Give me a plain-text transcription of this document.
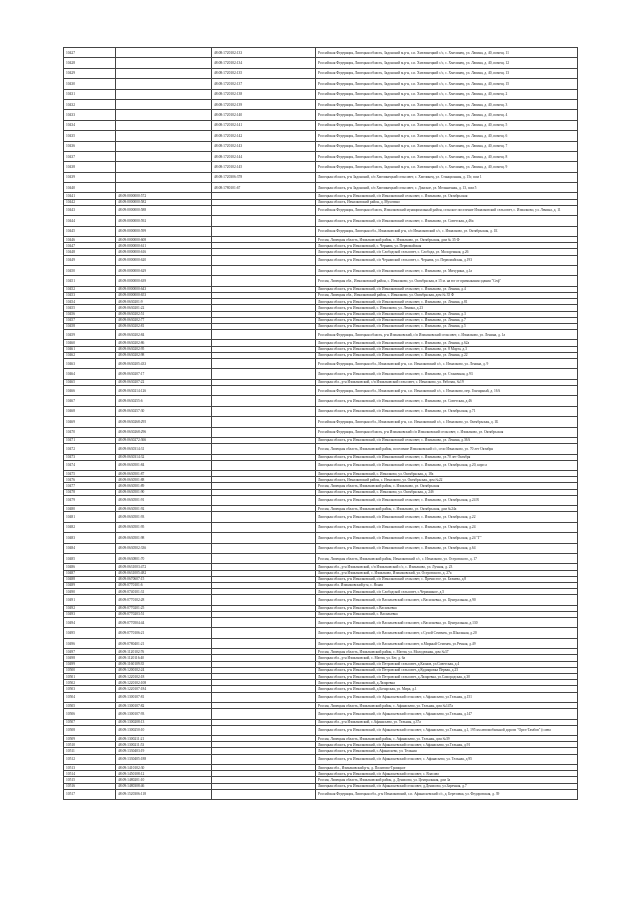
10427		48:08:1720102:133	Российская Федерация, Липецкая область, Задонский м.р-н, с.п. Хмелинецкий с/с, с. Хмелинец, ул. Лапина, д. 40, помещ. 11
10428		48:08:1720102:134	Российская Федерация, Липецкая область, Задонский м.р-н, с.п. Хмелинецкий с/с, с. Хмелинец, ул. Лапина, д. 40, помещ. 12
10429		48:08:1720102:135	Российская Федерация, Липецкая область, Задонский м.р-н, с.п. Хмелинецкий с/с, с. Хмелинец, ул. Лапина, д. 40, помещ. 13
10430		48:08:1720102:137	Российская Федерация, Липецкая область, Задонский м.р-н, с.п. Хмелинецкий с/с, с. Хмелинец, ул. Лапина, д. 40, помещ. 15
10431		48:08:1720102:138	Российская Федерация, Липецкая область, Задонский м.р-н, с.п. Хмелинецкий с/с, с. Хмелинец, ул. Лапина, д. 40, помещ. 2
10432		48:08:1720102:139	Российская Федерация, Липецкая область, Задонский м.р-н, с.п. Хмелинецкий с/с, с. Хмелинец, ул. Лапина, д. 40, помещ. 3
10433		48:08:1720102:140	Российская Федерация, Липецкая область, Задонский м.р-н, с.п. Хмелинецкий с/с, с. Хмелинец, ул. Лапина, д. 40, помещ. 4
10434		48:08:1720102:141	Российская Федерация, Липецкая область, Задонский м.р-н, с.п. Хмелинецкий с/с, с. Хмелинец, ул. Лапина, д. 40, помещ. 5
10435		48:08:1720102:142	Российская Федерация, Липецкая область, Задонский м.р-н, с.п. Хмелинецкий с/с, с. Хмелинец, ул. Лапина, д. 40, помещ. 6
10436		48:08:1720102:143	Российская Федерация, Липецкая область, Задонский м.р-н, с.п. Хмелинецкий с/с, с. Хмелинец, ул. Лапина, д. 40, помещ. 7
10437		48:08:1720102:144	Российская Федерация, Липецкая область, Задонский м.р-н, с.п. Хмелинецкий с/с, с. Хмелинец, ул. Лапина, д. 40, помещ. 8
10438		48:08:1720102:145	Российская Федерация, Липецкая область, Задонский м.р-н, с.п. Хмелинецкий с/с, с. Хмелинец, ул. Лапина, д. 40, помещ. 9
10439		48:08:1720306:378	Липецкая область, р-н Задонский, с/п Хмелинецкий сельсовет, с. Хмелинец, ул. Станционная, д. 15г, пом 1
10440		48:08:1780101:67	Липецкая область, р-н Задонский, с/п Хмелинецкий сельсовет, с. Донское, ул. Мельничная, д. 13, пом 5
10441	48:09:0000000:572		Липецкая область, р-н Измалковский, с/п Измалковский сельсовет, с. Измалково, ул. Октябрьская
10442	48:09:0000000:582		Липецкая область, Измалковский район, д. Мухотино
10443	48:09:0000000:588		Российская Федерация, Липецкая область, Измалковский муниципальный район, сельское поселение Измалковский сельсовет, с. Измалково, ул. Ленина, д. 11
10444	48:09:0000000:592		Липецкая область, р-н Измалковский, с/п Измалковский сельсовет, с. Измалково, ул. Советская, д.46а
10445	48:09:0000000:599		Российская Федерация, Липецкая обл., Измалковский р-н, с/п Измалковский с/с, с. Измалково, ул. Октябрьская, д. 1Б
10446	48:09:0000000:608		Россия, Липецкая область, Измалковский район, с. Измалково, ул. Октябрьская, дом № 35 Ф
10447	48:09:0000000:611		Липецкая область, р-н Измалковский, с. Чернава, ул. Первомайская
10448	48:09:0000000:616		Липецкая область, р-н Измалковский, с/п Слободской сельсовет, с. Слобода, ул. Молодежная, д.26
10449	48:09:0000000:620		Липецкая область, р-н Измалковский, с/п Чернавский сельсовет, с. Чернава, ул. Первомайская, д.193
10450	48:09:0000000:629		Липецкая область, р-н Измалковский, с/п Измалковский сельсовет, с. Измалково, ул. Мичурина, д.1а
10451	48:09:0000000:639		Россия, Липецкая обл., Измалковский район, с. Измалково, ул. Октябрьская, в 15 м. на юг от примыкания здания "Сеф"
10452	48:09:0000000:643		Липецкая область, р-н Измалковский, с/п Измалковский сельсовет, с. Измалково, ул. Ленина, д.4
10453	48:09:0000000:653		Россия, Липецкая обл., Измалковский район, с. Измалково, ул. Октябрьская, дом № 35 Ф
10454	48:09:0630201:9		Липецкая область, р-н Измалковский, с/п Измалковский сельсовет, с. Измалково, ул. Ленина, д.81
10455	48:09:0630201:22		Липецкая область, р-н Измалковский, с. Измалково, ул. Ленина, д.23
10456	48:09:0630202:51		Липецкая область, р-н Измалковский, с/п Измалковский сельсовет, с. Измалково, ул. Ленина, д.3
10457	48:09:0630202:77		Липецкая область, р-н Измалковский, с/п Измалковский сельсовет, с. Измалково, ул. Ленина, д.7
10458	48:09:0630202:81		Липецкая область, р-н Измалковский, с/п Измалковский сельсовет, с. Измалково, ул. Ленина, д.5
10459	48:09:0630202:84		Российская Федерация, Липецкая область, р-н Измалковский, с/п Измалковский сельсовет, с. Измалково, ул. Ленина, д. 1а
10460	48:09:0630202:86		Липецкая область, р-н Измалковский, с/п Измалковский сельсовет, с. Измалково, ул. Ленина, д.62а
10461	48:09:0630202:95		Липецкая область, р-н Измалковский, с/п Измалковский сельсовет, с. Измалково, ул. 8 Марта, д.3
10462	48:09:0630202:98		Липецкая область, р-н Измалковский, с/п Измалковский сельсовет, с. Измалково, ул. Ленина, д.22
10463	48:09:0630205:433		Российская Федерация, Липецкая обл., Измалковский р-н, с.п. Измалковский с/с, с. Измалково, ул. Ленина, д. 9
10464	48:09:0630207:17		Липецкая область, р-н Измалковский, с/п Измалковский сельсовет, с. Измалково, ул. Станичная, д.93
10465	48:09:0630207:22		Липецкая обл., р-н Измалковский, с/п Измалковский сельсовет, с. Измалково, ул. Рабочая, №19
10466	48:09:0630214:126		Российская Федерация, Липецкая обл., Измалковский р-н, с.п. Измалковский с/с, с. Измалково, пер. Гончарный, д. 16А
10467	48:09:0630255:6		Липецкая область, р-н Измалковский, с/п Измалковский сельсовет, с. Измалково, ул. Советская, д.46
10468	48:09:0630257:30		Липецкая область, р-н Измалковский, с/п Измалковский сельсовет, с. Измалково, ул. Октябрьская, д.71
10469	48:09:0630268:295		Российская Федерация, Липецкая обл., Измалковский р-н, с.п. Измалковский с/с, с. Измалково, ул. Октябрьская, д. 1Б
10470	48:09:0630268:296		Российская Федерация, Липецкая область, р-н Измалковский с/п Измалковский сельсовет, с. Измалково, ул. Октябрьская
10471	48:09:0630272:366		Липецкая область, р-н Измалковский, с/п Измалковский сельсовет, с. Измалково, ул. Ленина, д.36А
10472	48:09:0630314:31		Россия, Липецкая область, Измалковский район, поселение Измалковский с/с, село Измалково, ул. 70 лет Октября
10473	48:09:0630314:32		Липецкая область, р-н Измалковский, с/п Измалковский сельсовет, с. Измалково, ул.70 лет Октября
10474	48:09:0630501:84		Липецкая область, р-н Измалковский, с/п Измалковский сельсовет, с. Измалково, ул. Октябрьская, д.20, корп а
10475	48:09:0630501:87		Липецкая область, р-н Измалковский, с. Измалково, ул. Октябрьская, д. 18а
10476	48:09:0630501:88		Липецкая область, Измалковский район, с. Измалково, ул. Октябрьская, дом №22
10477	48:09:0630501:89		Россия, Липецкая область, Измалковский район, с. Измалково, ул. Октябрьская
10478	48:09:0630501:90		Липецкая область, р-н Измалковский, с. Измалково, ул. Октябрьская, д. 24б
10479	48:09:0630501:91		Липецкая область, р-н Измалковский, с/п Измалковский сельсовет, с. Измалково, ул. Октябрьская, д.24 В
10480	48:09:0630501:92		Россия, Липецкая область, Измалковский район, с. Измалково, ул. Октябрьская, дом №24а
10481	48:09:0630501:93		Липецкая область, р-н Измалковский, с/п Измалковский сельсовет, с. Измалково, ул. Октябрьская, д.22
10482	48:09:0630501:95		Липецкая область, р-н Измалковский, с/п Измалковский сельсовет, с. Измалково, ул. Октябрьская, д.24
10483	48:09:0630501:98		Липецкая область, р-н Измалковский, с/п Измалковский сельсовет, с. Измалково, ул. Октябрьская, д.24 "Г"
10484	48:09:0630502:336		Липецкая область, р-н Измалковский, с/п Измалковский сельсовет, с. Измалково, ул. Октябрьская, д.64
10485	48:09:0630801:70		Россия, Липецкая область, Измалковский район, Измалковский с/с, с. Измалково, ул. Островского, д. 17
10486	48:09:0631003:472		Липецкая обл., р-н Измалковский, с/п Измалковский с/с, с. Измалково, ул. Лучная, д. 23
10487	48:09:0631005:482		Липецкая обл., р-н Измалковский, с. Измалково, Измалковский, ул. Островского, д. 27а
10488	48:09:0670607:15		Липецкая область, р-н Измалковский, с/п Измалковский сельсовет, с. Пречистое, ул. Беляева, д.8
10489	48:09:0770101:6		Липецкая обл. Измалковский р-н, с. Ясная
10490	48:09:0740101:31		Липецкая область, р-н Измалковский, с/п Слободской сельсовет, с.Чермашное, д.5
10491	48:09:0770102:28		Липецкая область, р-н Измалковский, с/п Васильевский сельсовет, с.Васильевка, ул. Центральная, д.90
10492	48:09:0770201:25		Липецкая область, р-н Измалковский, с.Васильевка
10493	48:09:0770203:51		Липецкая область, р-н Измалковский, с. Васильевка
10494	48:09:0770504:44		Липецкая область, р-н Измалковский, с/п Васильевский сельсовет, с.Васильевка, ул. Центральная, д.130
10495	48:09:0770106:21		Липецкая область, р-н Измалковский, с/п Васильевский сельсовет, с.Сухой Семенек, ул.Шкальная, д.20
10496	48:09:0780401:21		Липецкая область, р-н Измалковский, с/п Васильевский сельсовет, п.Мирный Семенек, ул.Речная, д.49
10497	48:09:1120102:76		Россия, Липецкая область, Измалковский район, с. Матчи, ул. Молодежная, дом №37
10498	48:09:1120116:40		Липецкая обл., р-н Измалковский, с. Матчи, ул. Бег, д. 6а
10499	48:09:1160109:35		Липецкая область, р-н Измалковский, с/п Петровский сельсовет, д.Казнов, ул.Советская, д.4
10500	48:09:1200102:24		Липецкая область, р-н Измалковский, с/п Петровский сельсовет, д.Кудияровка Первая, д.23
10501	48:09:1220102:18		Липецкая область, р-н Измалковский, с/п Петровский сельсовет, д.Лазаревка, ул.Самородская, д.30
10502	48:09:1220102:108		Липецкая область, р-н Измалковский, д.Лазаревка
10503	48:09:1220107:184		Липецкая область, р-н Измалковский, д.Бочарская, ул. Мира, д.1
10504	48:09:1300107:81		Липецкая область, р-н Измалковский, с/п Афанасьевский сельсовет, с.Афанасьево, ул.Тельная, д.151
10505	48:09:1300107:82		Россия, Липецкая область, Измалковский район, с. Афанасьево, ул. Тельная, дом №147а
10506	48:09:1300107:93		Липецкая область, р-н Измалковский, с/п Афанасьевский сельсовет, с.Афанасьево, ул.Тельная, д.147
10507	48:09:1300208:13		Липецкая обл., р-н Измалковский, с.Афанасьево, ул. Тельная, д.37а
10508	48:09:1300250:10		Липецкая область, р-н Измалковский, с/п Афанасьевский сельсовет, с.Афанасьево, ул.Тельная, д.1, 195 км автомобильной дороги "Орел-Тамбов" (слева
10509	48:09:1300211:21		Россия, Липецкая область, Измалковский район, с. Афанасьево, ул. Тельная, дом №39
10510	48:09:1300211:53		Липецкая область, р-н Измалковский, с/п Афанасьевский сельсовет, с.Афанасьево, ул.Тельная, д.91
10511	48:09:1330403:19		Липецкая область, р-н Измалковский, с.Афанасьево, ул. Тельная
10512	48:09:1330405:188		Липецкая область, р-н Измалковский, с/п Афанасьевский сельсовет, с. Афанасьево, ул. Тельная, д.95
10513	48:09:1410102:30		Липецкая обл., Измалковский р-н, д. Политово-Троицкое
10514	48:09:1450108:12		Липецкая область, р-н Измалковский, с/п Афанасьевский сельсовет, с. Власово
10515	48:09:1480201:10		Россия, Липецкая область, Измалковский район, д. Денисово, ул. Центральная, дом 3а
10516	48:09:1480308:46		Липецкая область, р-н Измалковский, с/п Афанасьевский сельсовет, д.Денисово, ул.Заречная, д.7
10517	48:09:1520306:118		Российская Федерация, Липецкая обл., р-н Измалковский, с.п. Афанасьевский с/с, д. Березовка, ул. Федоровская, д. 39
